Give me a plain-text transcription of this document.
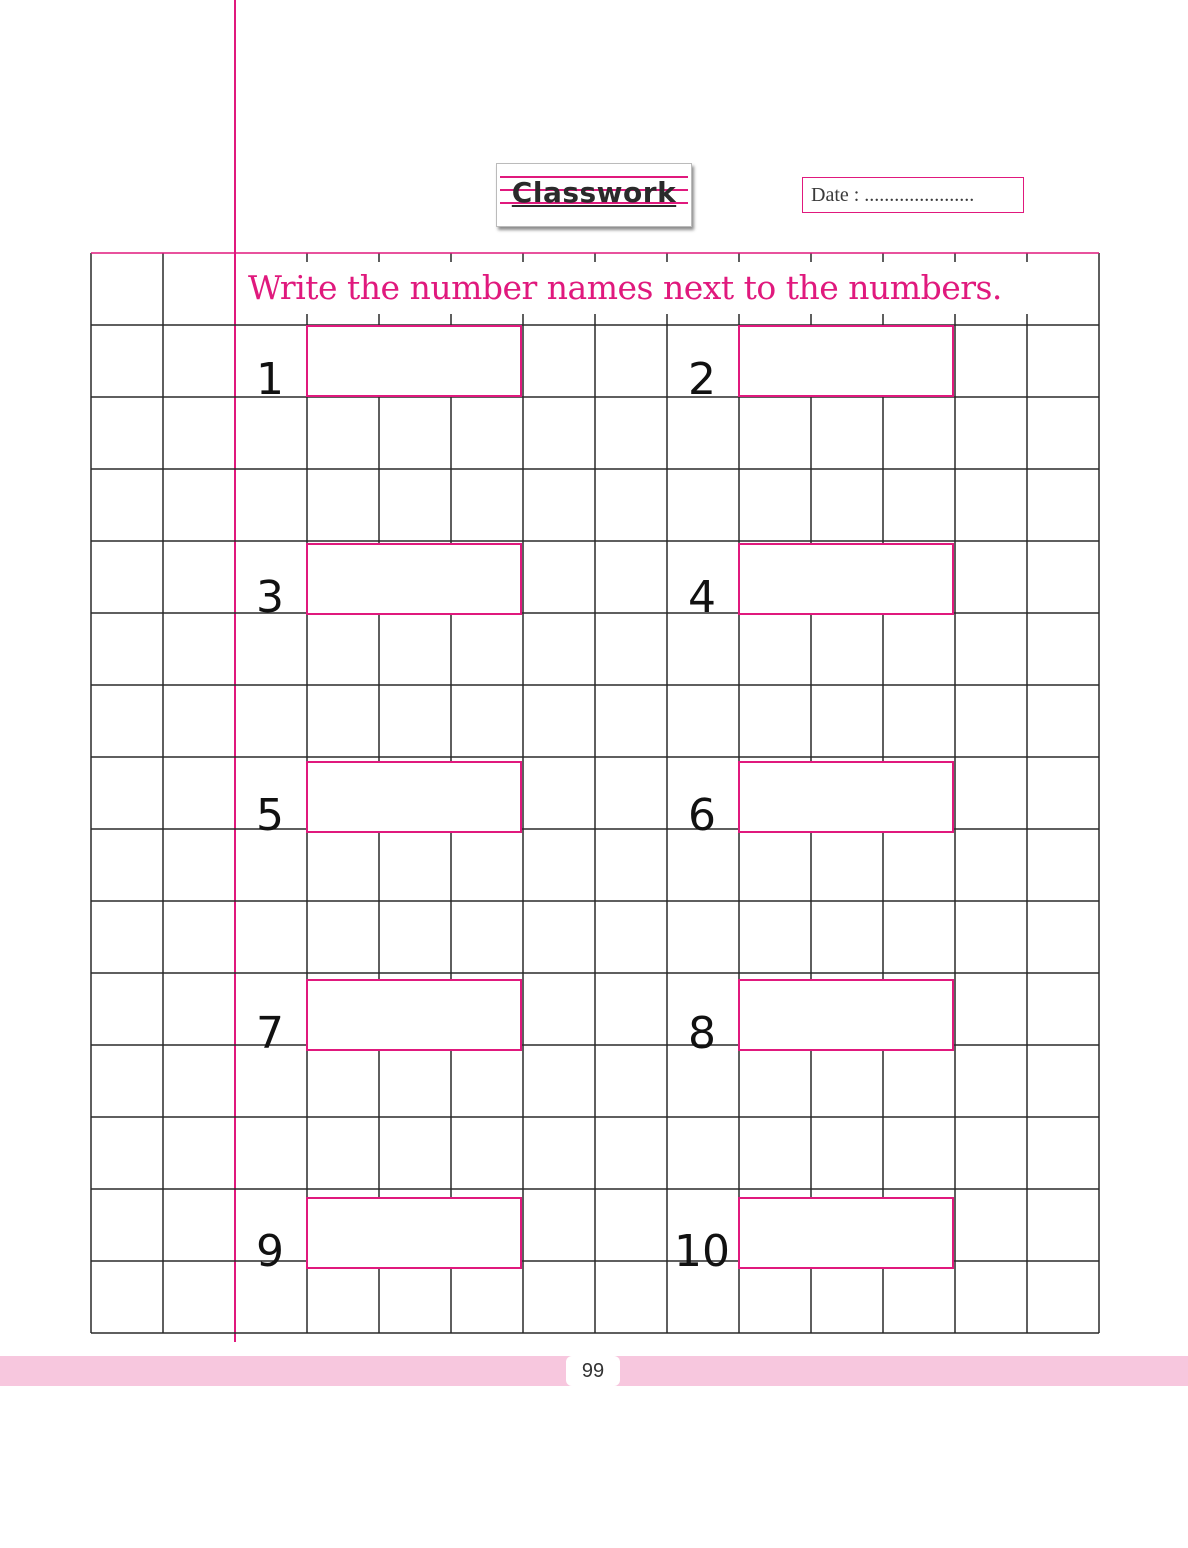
Classwork	Date : ......................
Write the number names next to the numbers.
1	2
3	4
5	6
7	8
9	10
99
